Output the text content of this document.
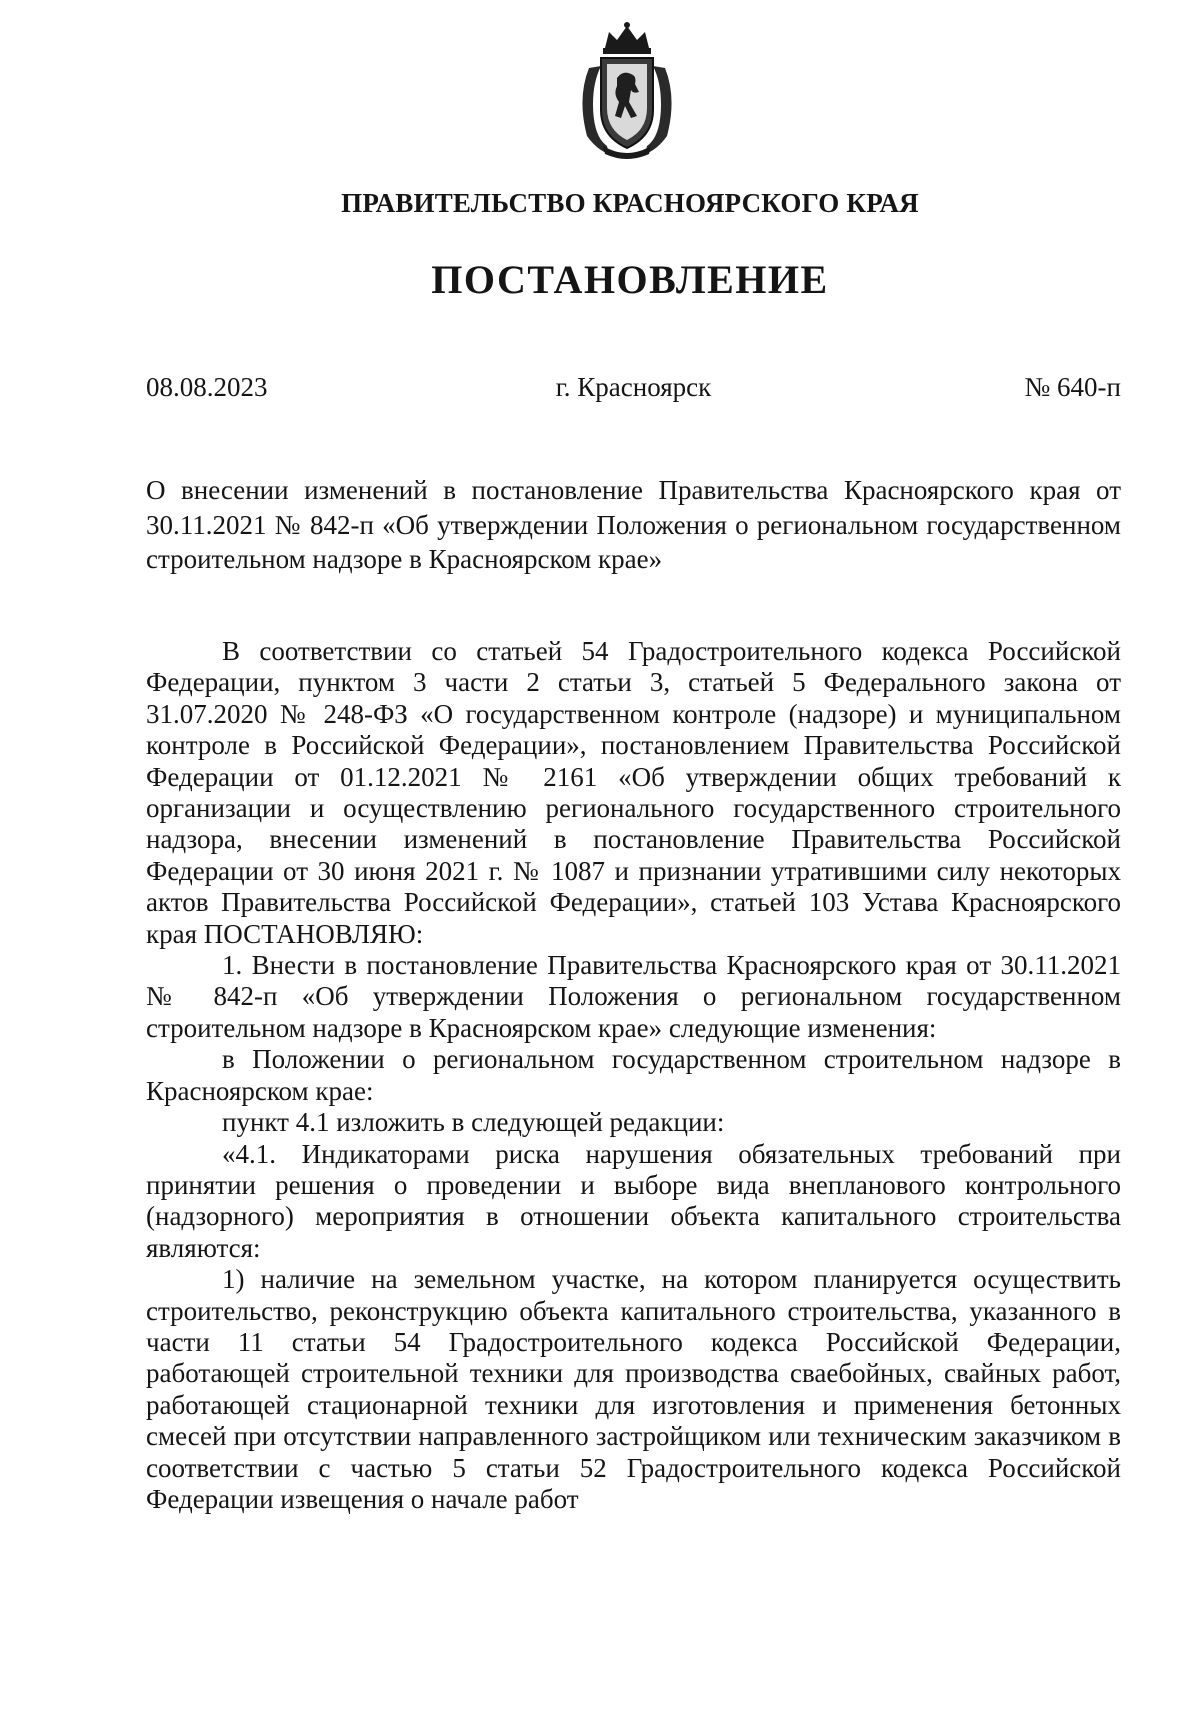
ПРАВИТЕЛЬСТВО КРАСНОЯРСКОГО КРАЯ
ПОСТАНОВЛЕНИЕ
08.08.2023	г. Красноярск	№ 640-п
О внесении изменений в постановление Правительства Красноярского края от 30.11.2021 № 842-п «Об утверждении Положения о региональном государственном строительном надзоре в Красноярском крае»

В соответствии со статьей 54 Градостроительного кодекса Российской Федерации, пунктом 3 части 2 статьи 3, статьей 5 Федерального закона от 31.07.2020 № 248-ФЗ «О государственном контроле (надзоре) и муниципальном контроле в Российской Федерации», постановлением Правительства Российской Федерации от 01.12.2021 № 2161 «Об утверждении общих требований к организации и осуществлению регионального государственного строительного надзора, внесении изменений в постановление Правительства Российской Федерации от 30 июня 2021 г. № 1087 и признании утратившими силу некоторых актов Правительства Российской Федерации», статьей 103 Устава Красноярского края ПОСТАНОВЛЯЮ:

1. Внести в постановление Правительства Красноярского края от 30.11.2021 № 842-п «Об утверждении Положения о региональном государственном строительном надзоре в Красноярском крае» следующие изменения:

в Положении о региональном государственном строительном надзоре в Красноярском крае:

пункт 4.1 изложить в следующей редакции:

«4.1. Индикаторами риска нарушения обязательных требований при принятии решения о проведении и выборе вида внепланового контрольного (надзорного) мероприятия в отношении объекта капитального строительства являются:

1) наличие на земельном участке, на котором планируется осуществить строительство, реконструкцию объекта капитального строительства, указанного в части 11 статьи 54 Градостроительного кодекса Российской Федерации, работающей строительной техники для производства сваебойных, свайных работ, работающей стационарной техники для изготовления и применения бетонных смесей при отсутствии направленного застройщиком или техническим заказчиком в соответствии с частью 5 статьи 52 Градостроительного кодекса Российской Федерации извещения о начале работ
